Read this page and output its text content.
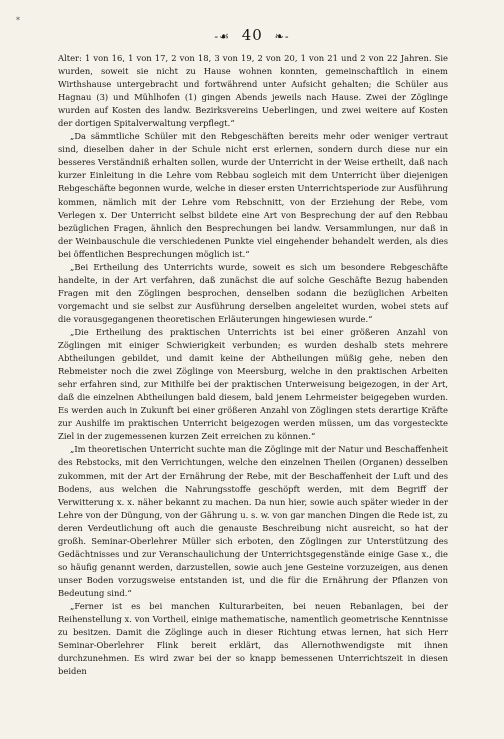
*
-☙ 40 ❧-

Alter: 1 von 16, 1 von 17, 2 von 18, 3 von 19, 2 von 20, 1 von 21 und 2 von 22 Jahren. Sie wurden, soweit sie nicht zu Hause wohnen konnten, gemeinschaftlich in einem Wirthshause untergebracht und fortwährend unter Aufsicht gehalten; die Schüler aus Hagnau (3) und Mühlhofen (1) gingen Abends jeweils nach Hause. Zwei der Zöglinge wurden auf Kosten des landw. Bezirksvereins Ueberlingen, und zwei weitere auf Kosten der dortigen Spitalverwaltung verpflegt.“

„Da sämmtliche Schüler mit den Rebgeschäften bereits mehr oder weniger vertraut sind, dieselben daher in der Schule nicht erst erlernen, sondern durch diese nur ein besseres Verständniß erhalten sollen, wurde der Unterricht in der Weise ertheilt, daß nach kurzer Einleitung in die Lehre vom Rebbau sogleich mit dem Unterricht über diejenigen Rebgeschäfte begonnen wurde, welche in dieser ersten Unterrichtsperiode zur Ausführung kommen, nämlich mit der Lehre vom Rebschnitt, von der Erziehung der Rebe, vom Verlegen x. Der Unterricht selbst bildete eine Art von Besprechung der auf den Rebbau bezüglichen Fragen, ähnlich den Besprechungen bei landw. Versammlungen, nur daß in der Weinbauschule die verschiedenen Punkte viel eingehender behandelt werden, als dies bei öffentlichen Besprechungen möglich ist.“

„Bei Ertheilung des Unterrichts wurde, soweit es sich um besondere Rebgeschäfte handelte, in der Art verfahren, daß zunächst die auf solche Geschäfte Bezug habenden Fragen mit den Zöglingen besprochen, denselben sodann die bezüglichen Arbeiten vorgemacht und sie selbst zur Ausführung derselben angeleitet wurden, wobei stets auf die vorausgegangenen theoretischen Erläuterungen hingewiesen wurde.“

„Die Ertheilung des praktischen Unterrichts ist bei einer größeren Anzahl von Zöglingen mit einiger Schwierigkeit verbunden; es wurden deshalb stets mehrere Abtheilungen gebildet, und damit keine der Abtheilungen müßig gehe, neben den Rebmeister noch die zwei Zöglinge von Meersburg, welche in den praktischen Arbeiten sehr erfahren sind, zur Mithilfe bei der praktischen Unterweisung beigezogen, in der Art, daß die einzelnen Abtheilungen bald diesem, bald jenem Lehrmeister beigegeben wurden. Es werden auch in Zukunft bei einer größeren Anzahl von Zöglingen stets derartige Kräfte zur Aushilfe im praktischen Unterricht beigezogen werden müssen, um das vorgesteckte Ziel in der zugemessenen kurzen Zeit erreichen zu können.“

„Im theoretischen Unterricht suchte man die Zöglinge mit der Natur und Beschaffenheit des Rebstocks, mit den Verrichtungen, welche den einzelnen Theilen (Organen) desselben zukommen, mit der Art der Ernährung der Rebe, mit der Beschaffenheit der Luft und des Bodens, aus welchen die Nahrungsstoffe geschöpft werden, mit dem Begriff der Verwitterung x. x. näher bekannt zu machen. Da nun hier, sowie auch später wieder in der Lehre von der Düngung, von der Gährung u. s. w. von gar manchen Dingen die Rede ist, zu deren Verdeutlichung oft auch die genauste Beschreibung nicht ausreicht, so hat der großh. Seminar-Oberlehrer Müller sich erboten, den Zöglingen zur Unterstützung des Gedächtnisses und zur Veranschaulichung der Unterrichtsgegenstände einige Gase x., die so häufig genannt werden, darzustellen, sowie auch jene Gesteine vorzuzeigen, aus denen unser Boden vorzugsweise entstanden ist, und die für die Ernährung der Pflanzen von Bedeutung sind.“

„Ferner ist es bei manchen Kulturarbeiten, bei neuen Rebanlagen, bei der Reihenstellung x. von Vortheil, einige mathematische, namentlich geometrische Kenntnisse zu besitzen. Damit die Zöglinge auch in dieser Richtung etwas lernen, hat sich Herr Seminar-Oberlehrer Flink bereit erklärt, das Allernothwendigste mit ihnen durchzunehmen. Es wird zwar bei der so knapp bemessenen Unterrichtszeit in diesen beiden
